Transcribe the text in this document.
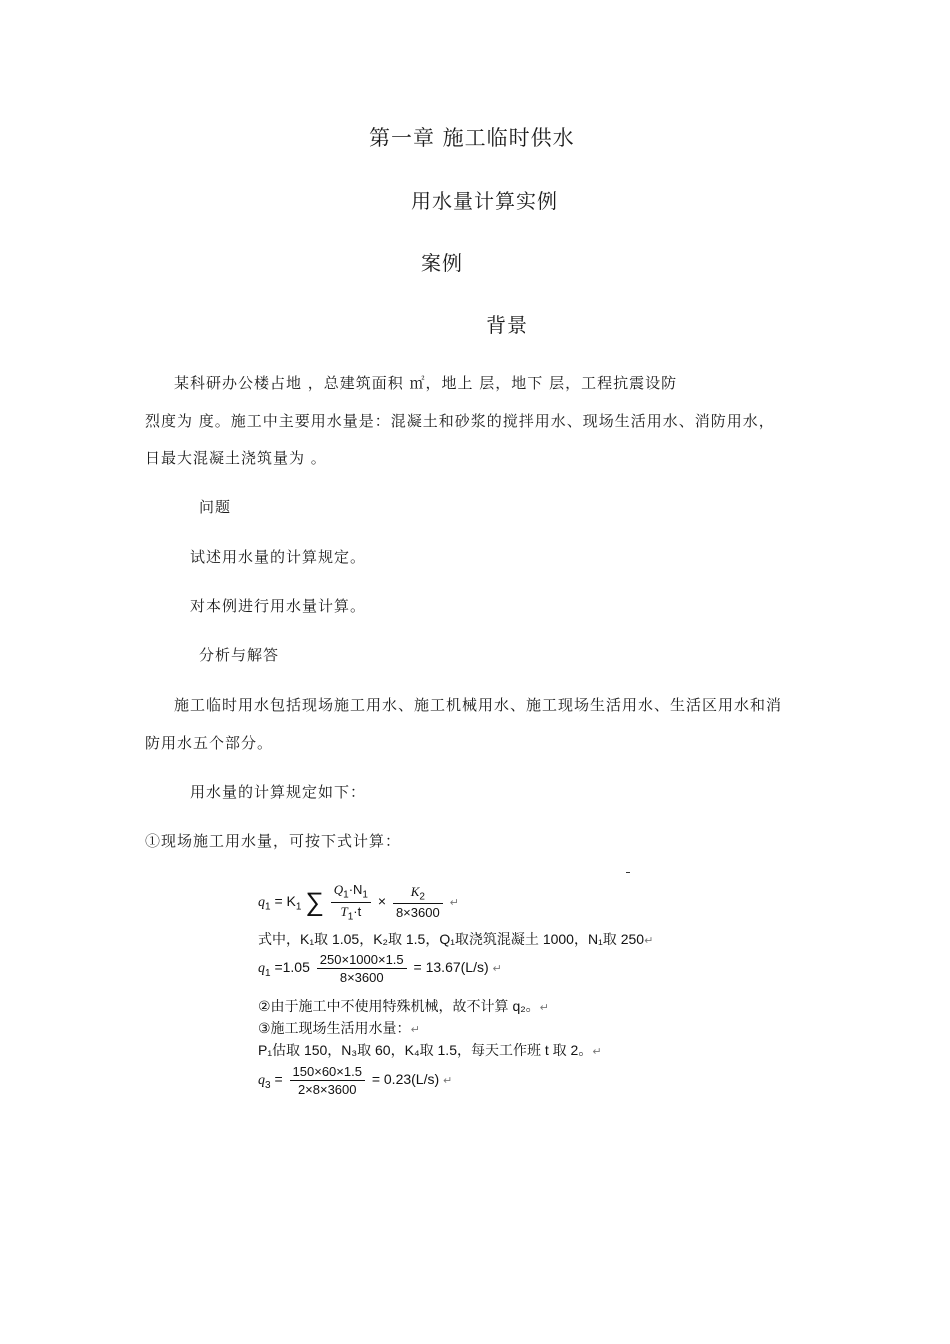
第一章 施工临时供水
用水量计算实例
案例
背景
某科研办公楼占地 ，总建筑面积 ㎡，地上 层，地下 层，工程抗震设防
烈度为 度。施工中主要用水量是：混凝土和砂浆的搅拌用水、现场生活用水、消防用水，
日最大混凝土浇筑量为 。
问题
试述用水量的计算规定。
对本例进行用水量计算。
分析与解答
施工临时用水包括现场施工用水、施工机械用水、施工现场生活用水、生活区用水和消
防用水五个部分。
用水量的计算规定如下：
①现场施工用水量，可按下式计算：
$q_1 = K_1$ ∑ $\frac{Q_1\cdot N_1}{T_1\cdot t} \times \frac{K_2}{8\times 3600}$ ↵
式中，K₁取 1.05，K₂取 1.5，Q₁取浇筑混凝土 1000，N₁取 250↵
$q_1 =1.05 \frac{250\times 1000\times 1.5}{8\times 3600} = 13.67(L/s)$ ↵
②由于施工中不使用特殊机械，故不计算 q₂。↵
③施工现场生活用水量：↵
P₁估取 150，N₃取 60，K₄取 1.5，每天工作班 t 取 2。↵
$q_3 = \frac{150\times 60\times 1.5}{2\times 8\times 3600} = 0.23(L/s)$ ↵
